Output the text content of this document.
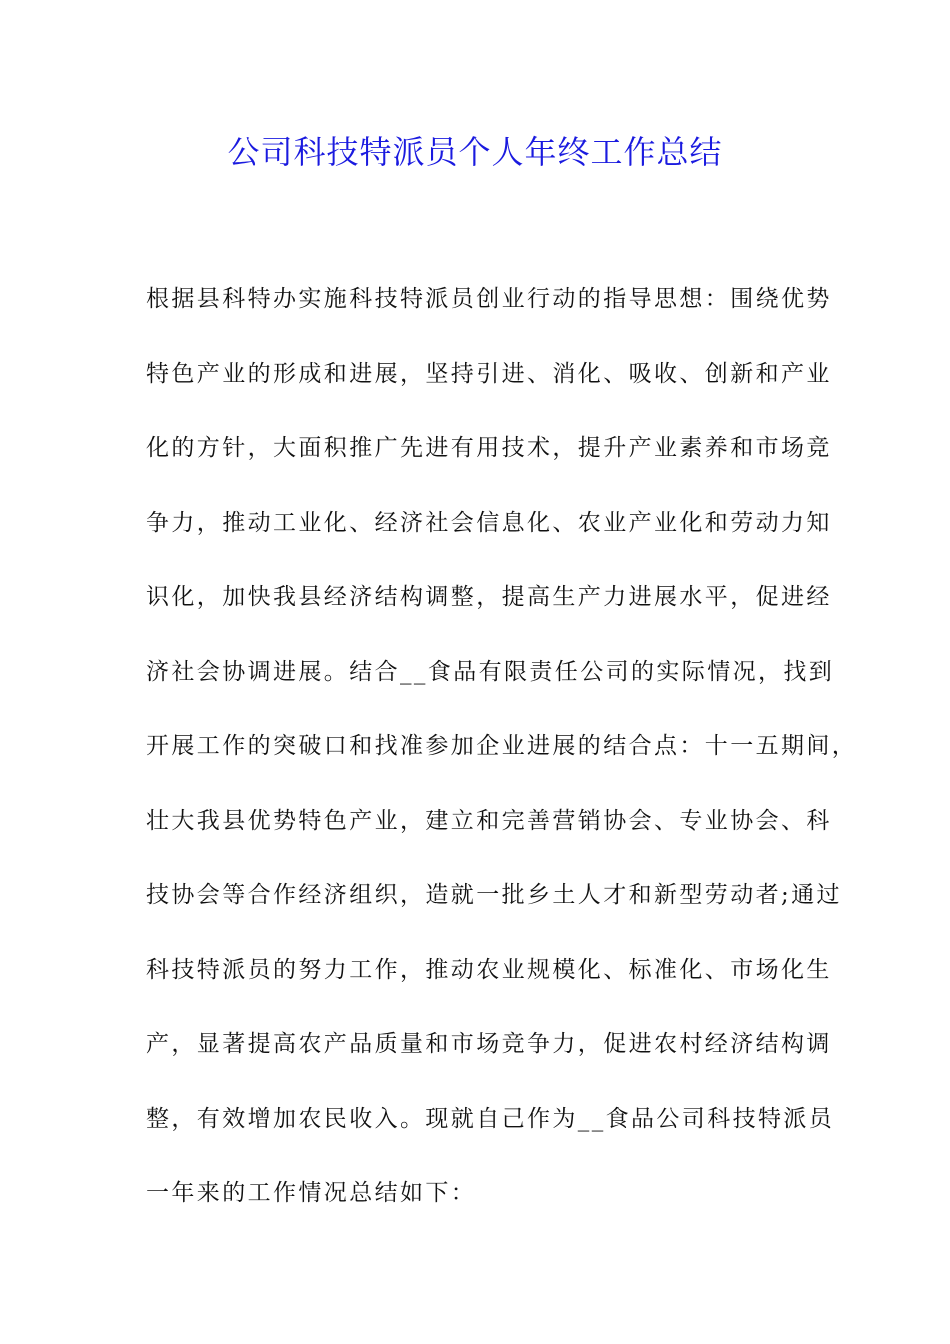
公司科技特派员个人年终工作总结
根据县科特办实施科技特派员创业行动的指导思想：围绕优势
特色产业的形成和进展，坚持引进、消化、吸收、创新和产业
化的方针，大面积推广先进有用技术，提升产业素养和市场竞
争力，推动工业化、经济社会信息化、农业产业化和劳动力知
识化，加快我县经济结构调整，提高生产力进展水平，促进经
济社会协调进展。结合__食品有限责任公司的实际情况，找到
开展工作的突破口和找准参加企业进展的结合点：十一五期间，
壮大我县优势特色产业，建立和完善营销协会、专业协会、科
技协会等合作经济组织，造就一批乡土人才和新型劳动者;通过
科技特派员的努力工作，推动农业规模化、标准化、市场化生
产，显著提高农产品质量和市场竞争力，促进农村经济结构调
整，有效增加农民收入。现就自己作为__食品公司科技特派员
一年来的工作情况总结如下：
